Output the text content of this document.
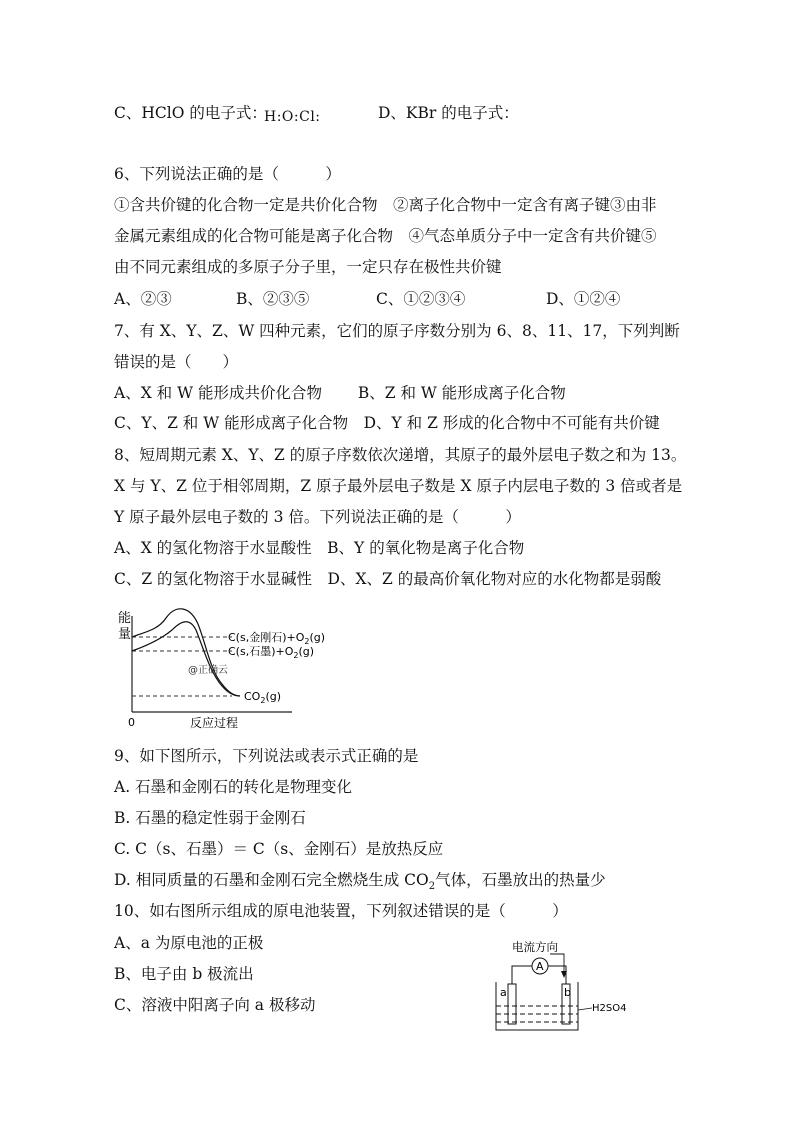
C、HClO 的电子式：
H:O:Cl:	D、KBr 的电子式：
6、下列说法正确的是（　　　）
①含共价键的化合物一定是共价化合物　②离子化合物中一定含有离子键③由非
金属元素组成的化合物可能是离子化合物　④气态单质分子中一定含有共价键⑤
由不同元素组成的多原子分子里，一定只存在极性共价键
A、②③	B、②③⑤	C、①②③④	D、①②④
7、有 X、Y、Z、W 四种元素，它们的原子序数分别为 6、8、11、17，下列判断
错误的是（　　）
A、X 和 W 能形成共价化合物　　 B、Z 和 W 能形成离子化合物
C、Y、Z 和 W 能形成离子化合物　D、Y 和 Z 形成的化合物中不可能有共价键
8、短周期元素 X、Y、Z 的原子序数依次递增，其原子的最外层电子数之和为 13。
X 与 Y、Z 位于相邻周期，Z 原子最外层电子数是 X 原子内层电子数的 3 倍或者是
Y 原子最外层电子数的 3 倍。下列说法正确的是（　　　）
A、X 的氢化物溶于水显酸性　B、Y 的氧化物是离子化合物
C、Z 的氢化物溶于水显碱性　D、X、Z 的最高价氧化物对应的水化物都是弱酸
能
量
0	反应过程
C(s,金刚石)$+O_2(g)$
C(s,石墨)$+O_2(g)$
@正确云
$CO_2(g)$
9、如下图所示，下列说法或表示式正确的是
A. 石墨和金刚石的转化是物理变化
B. 石墨的稳定性弱于金刚石
C. C（s、石墨）＝ C（s、金刚石）是放热反应
D. 相同质量的石墨和金刚石完全燃烧生成 $CO_2$气体，石墨放出的热量少
10、如右图所示组成的原电池装置，下列叙述错误的是（　　　）
A、a 为原电池的正极
B、电子由 b 极流出
C、溶液中阳离子向 a 极移动
电流方向
A
a	b
H2SO4
